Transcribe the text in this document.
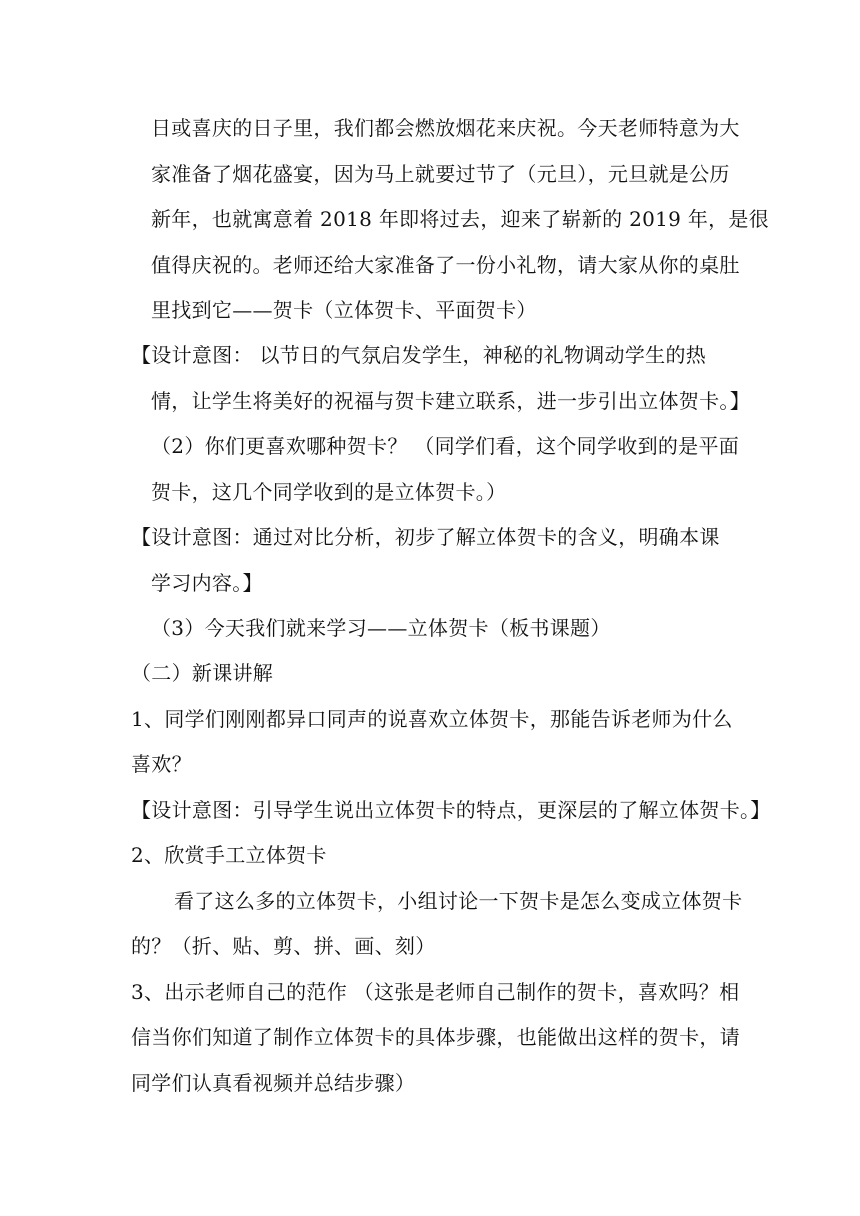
日或喜庆的日子里，我们都会燃放烟花来庆祝。今天老师特意为大
家准备了烟花盛宴，因为马上就要过节了（元旦），元旦就是公历
新年，也就寓意着 2018 年即将过去，迎来了崭新的 2019 年，是很
值得庆祝的。老师还给大家准备了一份小礼物，请大家从你的桌肚
里找到它——贺卡（立体贺卡、平面贺卡）
【设计意图： 以节日的气氛启发学生，神秘的礼物调动学生的热
情，让学生将美好的祝福与贺卡建立联系，进一步引出立体贺卡。】
（2）你们更喜欢哪种贺卡？ （同学们看，这个同学收到的是平面
贺卡，这几个同学收到的是立体贺卡。）
【设计意图：通过对比分析，初步了解立体贺卡的含义，明确本课
学习内容。】
（3）今天我们就来学习——立体贺卡（板书课题）
（二）新课讲解
1、同学们刚刚都异口同声的说喜欢立体贺卡，那能告诉老师为什么
喜欢？
【设计意图：引导学生说出立体贺卡的特点，更深层的了解立体贺卡。】
2、欣赏手工立体贺卡
看了这么多的立体贺卡，小组讨论一下贺卡是怎么变成立体贺卡
的？（折、贴、剪、拼、画、刻）
3、出示老师自己的范作 （这张是老师自己制作的贺卡，喜欢吗？相
信当你们知道了制作立体贺卡的具体步骤，也能做出这样的贺卡，请
同学们认真看视频并总结步骤）
